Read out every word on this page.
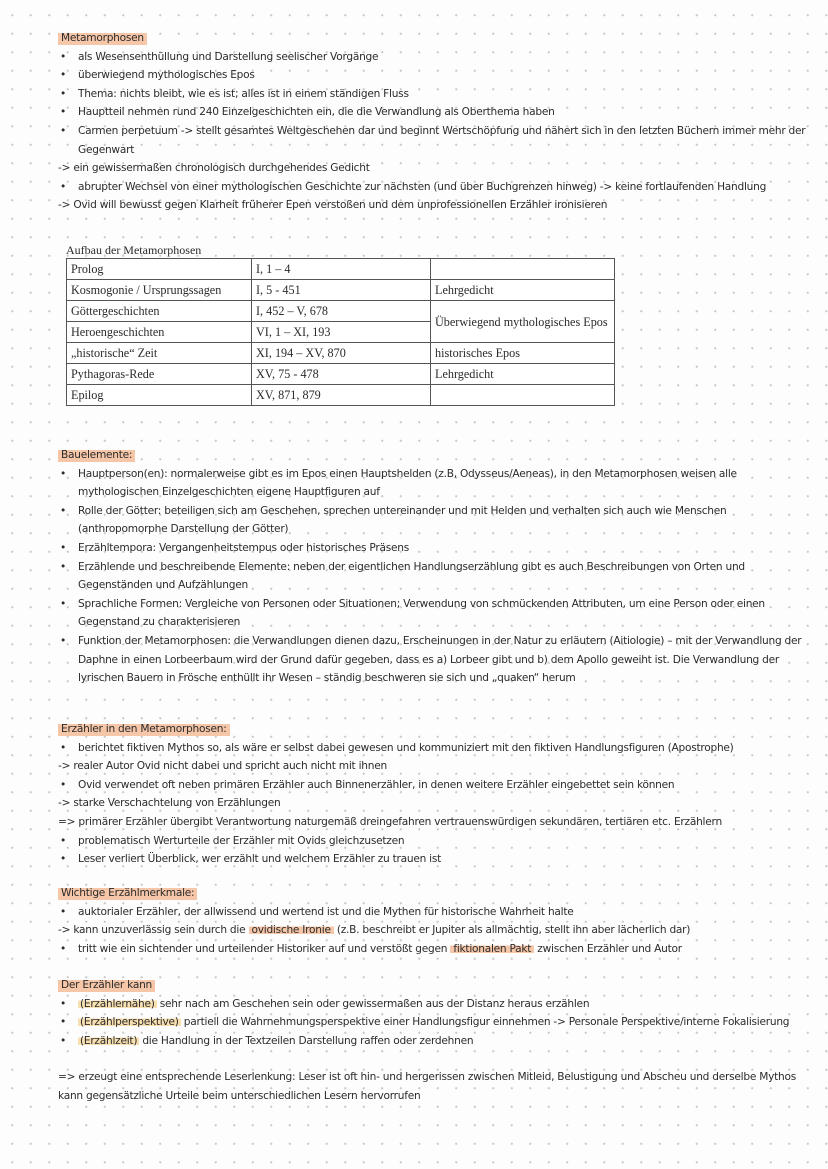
Metamorphosen
• als Wesensenthüllung und Darstellung seelischer Vorgänge
• überwiegend mythologisches Epos
• Thema: nichts bleibt, wie es ist; alles ist in einem ständigen Fluss
• Hauptteil nehmen rund 240 Einzelgeschichten ein, die die Verwandlung als Oberthema haben
• Carmen perpetuum -> stellt gesamtes Weltgeschehen dar und beginnt Wertschöpfung und nähert sich in den letzten Büchern immer mehr der Gegenwart
-> ein gewissermaßen chronologisch durchgehendes Gedicht
• abrupter Wechsel von einer mythologischen Geschichte zur nächsten (und über Buchgrenzen hinweg) -> keine fortlaufenden Handlung
-> Ovid will bewusst gegen Klarheit früherer Epen verstoßen und dem unprofessionellen Erzähler ironisieren
Aufbau der Metamorphosen
Prolog	I, 1 – 4	
Kosmogonie / Ursprungssagen	I, 5 - 451	Lehrgedicht
Göttergeschichten	I, 452 – V, 678	Überwiegend mythologisches Epos
Heroengeschichten	VI, 1 – XI, 193	
„historische“ Zeit	XI, 194 – XV, 870	historisches Epos
Pythagoras-Rede	XV, 75 - 478	Lehrgedicht
Epilog	XV, 871, 879	
Bauelemente:
• Hauptperson(en): normalerweise gibt es im Epos einen Hauptshelden (z.B, Odysseus/Aeneas), in den Metamorphosen weisen alle mythologischen Einzelgeschichten eigene Hauptfiguren auf
• Rolle der Götter: beteiligen sich am Geschehen, sprechen untereinander und mit Helden und verhalten sich auch wie Menschen (anthropomorphe Darstellung der Götter)
• Erzähltempora: Vergangenheitstempus oder historisches Präsens
• Erzählende und beschreibende Elemente: neben der eigentlichen Handlungserzählung gibt es auch Beschreibungen von Orten und Gegenständen und Aufzählungen
• Sprachliche Formen: Vergleiche von Personen oder Situationen; Verwendung von schmückenden Attributen, um eine Person oder einen Gegenstand zu charakterisieren
• Funktion der Metamorphosen: die Verwandlungen dienen dazu, Erscheinungen in der Natur zu erläutern (Aitiologie) – mit der Verwandlung der Daphne in einen Lorbeerbaum wird der Grund dafür gegeben, dass es a) Lorbeer gibt und b) dem Apollo geweiht ist. Die Verwandlung der lyrischen Bauern in Frösche enthüllt ihr Wesen – ständig beschweren sie sich und „quaken“ herum
Erzähler in den Metamorphosen:
• berichtet fiktiven Mythos so, als wäre er selbst dabei gewesen und kommuniziert mit den fiktiven Handlungsfiguren (Apostrophe)
-> realer Autor Ovid nicht dabei und spricht auch nicht mit ihnen
• Ovid verwendet oft neben primären Erzähler auch Binnenerzähler, in denen weitere Erzähler eingebettet sein können
-> starke Verschachtelung von Erzählungen
=> primärer Erzähler übergibt Verantwortung naturgemäß dreingefahren vertrauenswürdigen sekundären, tertiären etc. Erzählern
• problematisch Werturteile der Erzähler mit Ovids gleichzusetzen
• Leser verliert Überblick, wer erzählt und welchem Erzähler zu trauen ist
Wichtige Erzählmerkmale:
• auktorialer Erzähler, der allwissend und wertend ist und die Mythen für historische Wahrheit halte
-> kann unzuverlässig sein durch die ovidische Ironie (z.B. beschreibt er Jupiter als allmächtig, stellt ihn aber lächerlich dar)
• tritt wie ein sichtender und urteilender Historiker auf und verstößt gegen fiktionalen Pakt zwischen Erzähler und Autor
Der Erzähler kann
• (Erzählernähe) sehr nach am Geschehen sein oder gewissermaßen aus der Distanz heraus erzählen
• (Erzählperspektive) partiell die Wahrnehmungsperspektive einer Handlungsfigur einnehmen -> Personale Perspektive/interne Fokalisierung
• (Erzählzeit) die Handlung in der Textzeilen Darstellung raffen oder zerdehnen
=> erzeugt eine entsprechende Leserlenkung: Leser ist oft hin- und hergerissen zwischen Mitleid, Belustigung und Abscheu und derselbe Mythos kann gegensätzliche Urteile beim unterschiedlichen Lesern hervorrufen
